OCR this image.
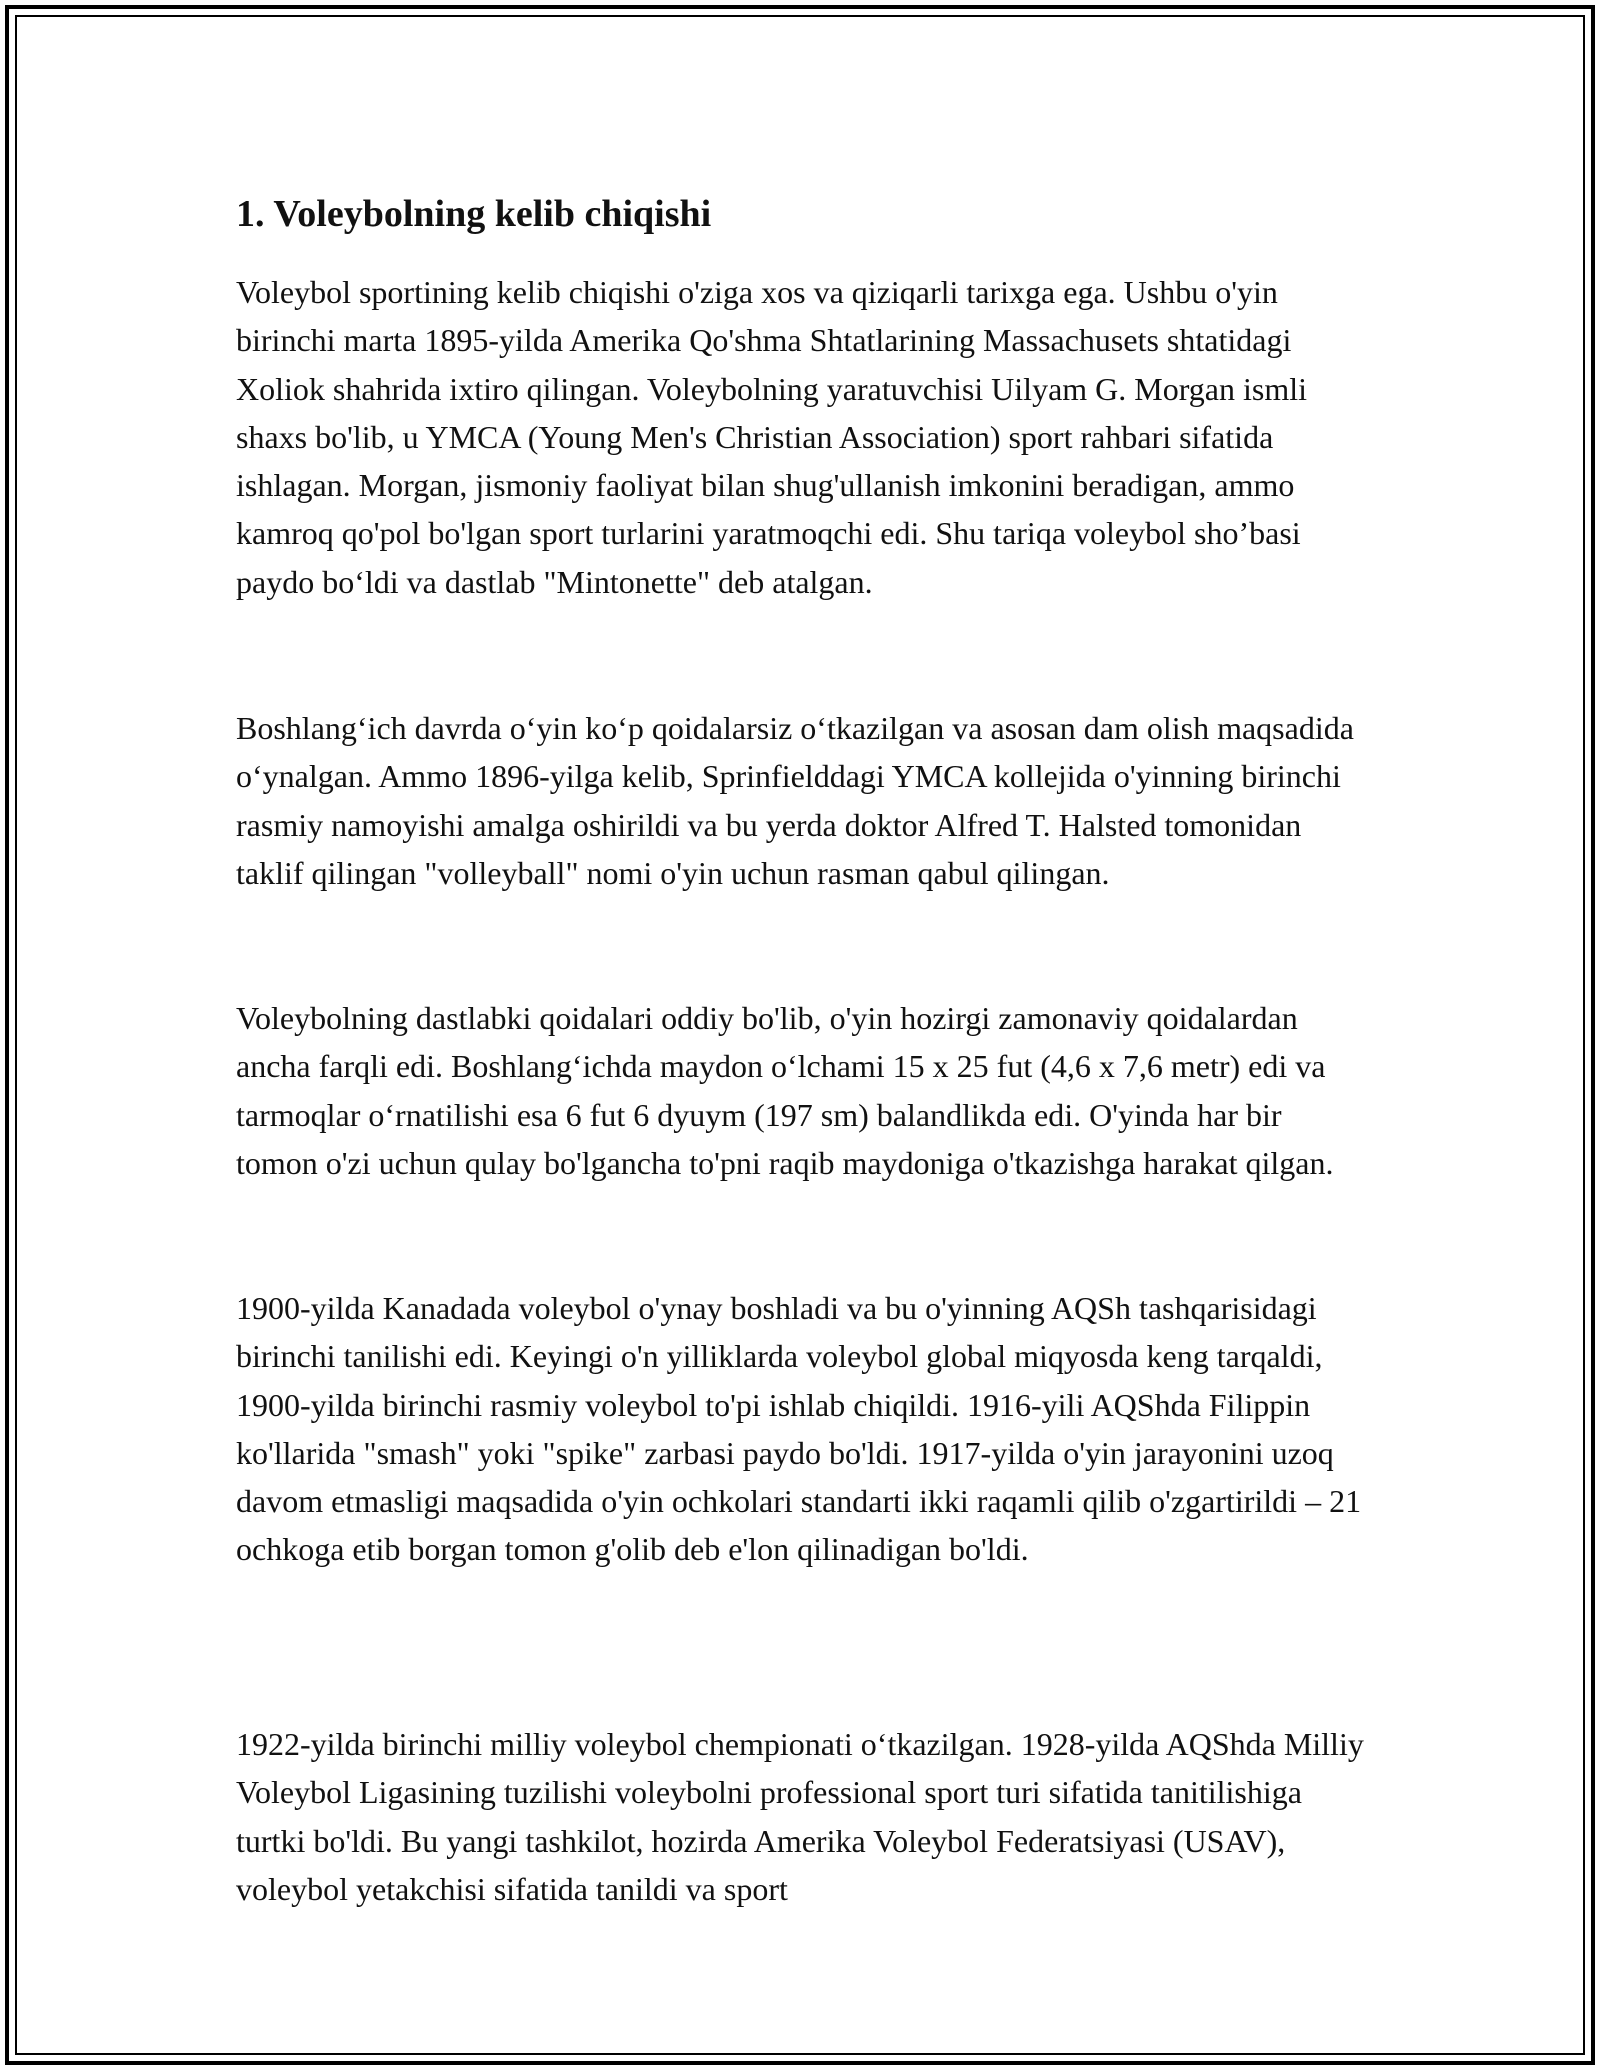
1. Voleybolning kelib chiqishi

Voleybol sportining kelib chiqishi o'ziga xos va qiziqarli tarixga ega. Ushbu o'yin birinchi marta 1895-yilda Amerika Qo'shma Shtatlarining Massachusets shtatidagi Xoliok shahrida ixtiro qilingan. Voleybolning yaratuvchisi Uilyam G. Morgan ismli shaxs bo'lib, u YMCA (Young Men's Christian Association) sport rahbari sifatida ishlagan. Morgan, jismoniy faoliyat bilan shug'ullanish imkonini beradigan, ammo kamroq qo'pol bo'lgan sport turlarini yaratmoqchi edi. Shu tariqa voleybol sho’basi paydo bo‘ldi va dastlab "Mintonette" deb atalgan.

Boshlang‘ich davrda o‘yin ko‘p qoidalarsiz o‘tkazilgan va asosan dam olish maqsadida o‘ynalgan. Ammo 1896-yilga kelib, Sprinfielddagi YMCA kollejida o'yinning birinchi rasmiy namoyishi amalga oshirildi va bu yerda doktor Alfred T. Halsted tomonidan taklif qilingan "volleyball" nomi o'yin uchun rasman qabul qilingan.

Voleybolning dastlabki qoidalari oddiy bo'lib, o'yin hozirgi zamonaviy qoidalardan ancha farqli edi. Boshlang‘ichda maydon o‘lchami 15 x 25 fut (4,6 x 7,6 metr) edi va tarmoqlar o‘rnatilishi esa 6 fut 6 dyuym (197 sm) balandlikda edi. O'yinda har bir tomon o'zi uchun qulay bo'lgancha to'pni raqib maydoniga o'tkazishga harakat qilgan.

1900-yilda Kanadada voleybol o'ynay boshladi va bu o'yinning AQSh tashqarisidagi birinchi tanilishi edi. Keyingi o'n yilliklarda voleybol global miqyosda keng tarqaldi, 1900-yilda birinchi rasmiy voleybol to'pi ishlab chiqildi. 1916-yili AQShda Filippin ko'llarida "smash" yoki "spike" zarbasi paydo bo'ldi. 1917-yilda o'yin jarayonini uzoq davom etmasligi maqsadida o'yin ochkolari standarti ikki raqamli qilib o'zgartirildi – 21 ochkoga etib borgan tomon g'olib deb e'lon qilinadigan bo'ldi.

1922-yilda birinchi milliy voleybol chempionati o‘tkazilgan. 1928-yilda AQShda Milliy Voleybol Ligasining tuzilishi voleybolni professional sport turi sifatida tanitilishiga turtki bo'ldi. Bu yangi tashkilot, hozirda Amerika Voleybol Federatsiyasi (USAV), voleybol yetakchisi sifatida tanildi va sport
